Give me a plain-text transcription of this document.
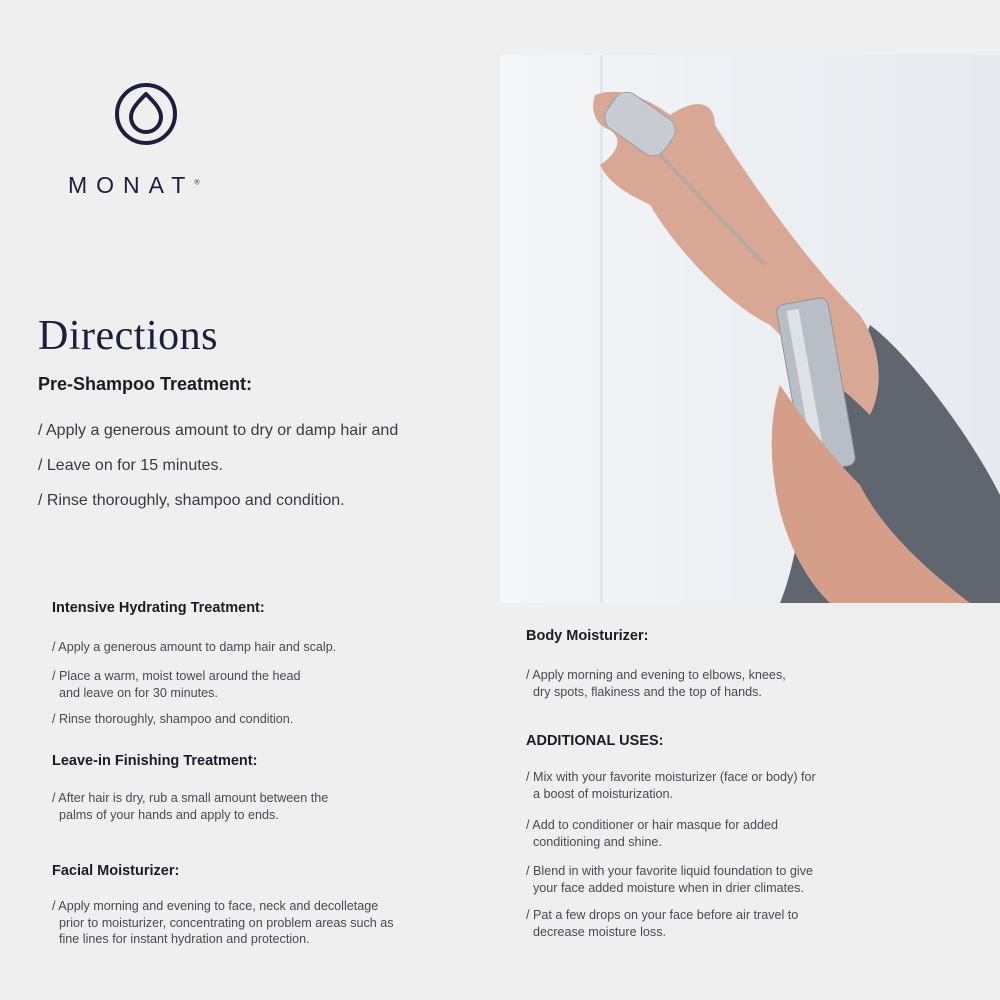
MONAT®
Directions
Pre-Shampoo Treatment:
/ Apply a generous amount to dry or damp hair and
/ Leave on for 15 minutes.
/ Rinse thoroughly, shampoo and condition.
Intensive Hydrating Treatment:
/ Apply a generous amount to damp hair and scalp.
/ Place a warm, moist towel around the head
and leave on for 30 minutes.
/ Rinse thoroughly, shampoo and condition.
Leave-in Finishing Treatment:
/ After hair is dry, rub a small amount between the
palms of your hands and apply to ends.
Facial Moisturizer:
/ Apply morning and evening to face, neck and decolletage
prior to moisturizer, concentrating on problem areas such as
fine lines for instant hydration and protection.
Body Moisturizer:
/ Apply morning and evening to elbows, knees,
dry spots, flakiness and the top of hands.
ADDITIONAL USES:
/ Mix with your favorite moisturizer (face or body) for
a boost of moisturization.
/ Add to conditioner or hair masque for added
conditioning and shine.
/ Blend in with your favorite liquid foundation to give
your face added moisture when in drier climates.
/ Pat a few drops on your face before air travel to
decrease moisture loss.
